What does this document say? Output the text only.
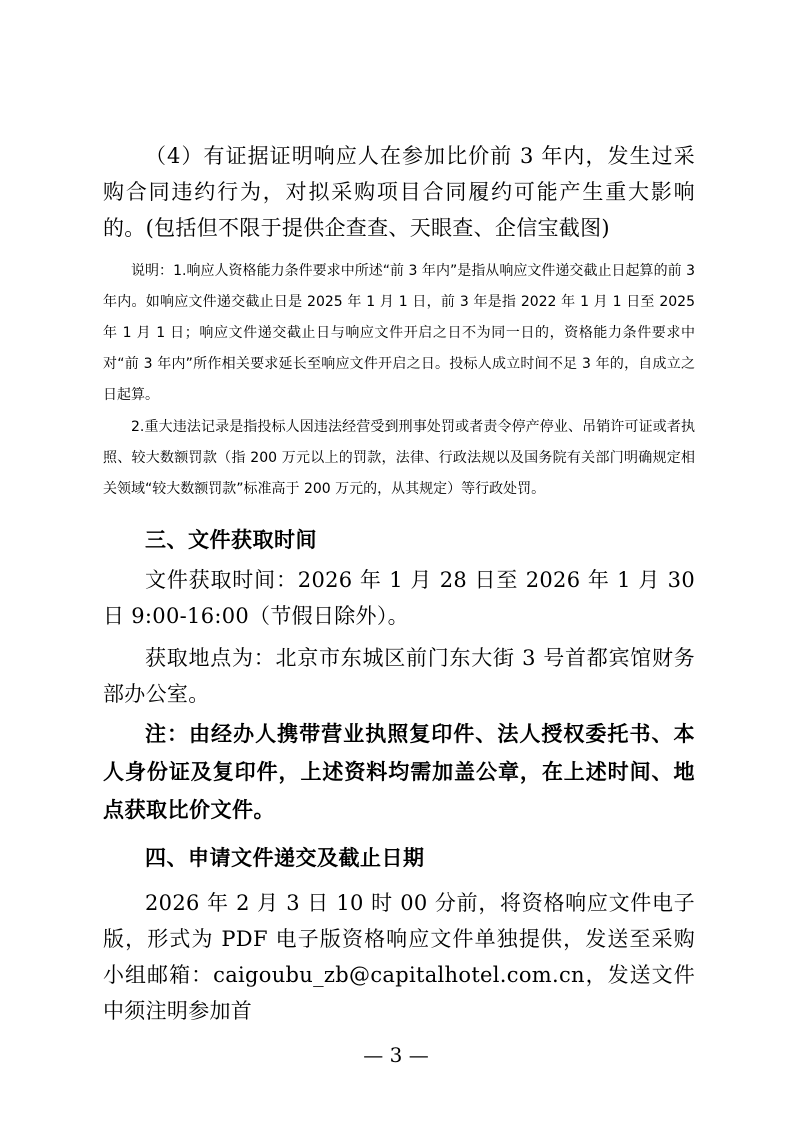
（4）有证据证明响应人在参加比价前 3 年内，发生过采购合同违约行为，对拟采购项目合同履约可能产生重大影响的。(包括但不限于提供企查查、天眼查、企信宝截图)

说明：1.响应人资格能力条件要求中所述“前 3 年内”是指从响应文件递交截止日起算的前 3 年内。如响应文件递交截止日是 2025 年 1 月 1 日，前 3 年是指 2022 年 1 月 1 日至 2025 年 1 月 1 日；响应文件递交截止日与响应文件开启之日不为同一日的，资格能力条件要求中对“前 3 年内”所作相关要求延长至响应文件开启之日。投标人成立时间不足 3 年的，自成立之日起算。

2.重大违法记录是指投标人因违法经营受到刑事处罚或者责令停产停业、吊销许可证或者执照、较大数额罚款（指 200 万元以上的罚款，法律、行政法规以及国务院有关部门明确规定相关领域“较大数额罚款”标准高于 200 万元的，从其规定）等行政处罚。

三、文件获取时间

文件获取时间：2026 年 1 月 28 日至 2026 年 1 月 30 日 9:00-16:00（节假日除外）。

获取地点为：北京市东城区前门东大街 3 号首都宾馆财务部办公室。

注：由经办人携带营业执照复印件、法人授权委托书、本人身份证及复印件，上述资料均需加盖公章，在上述时间、地点获取比价文件。

四、申请文件递交及截止日期

2026 年 2 月 3 日 10 时 00 分前，将资格响应文件电子版，形式为 PDF 电子版资格响应文件单独提供，发送至采购小组邮箱：caigoubu_zb@capitalhotel.com.cn，发送文件中须注明参加首

— 3 —
